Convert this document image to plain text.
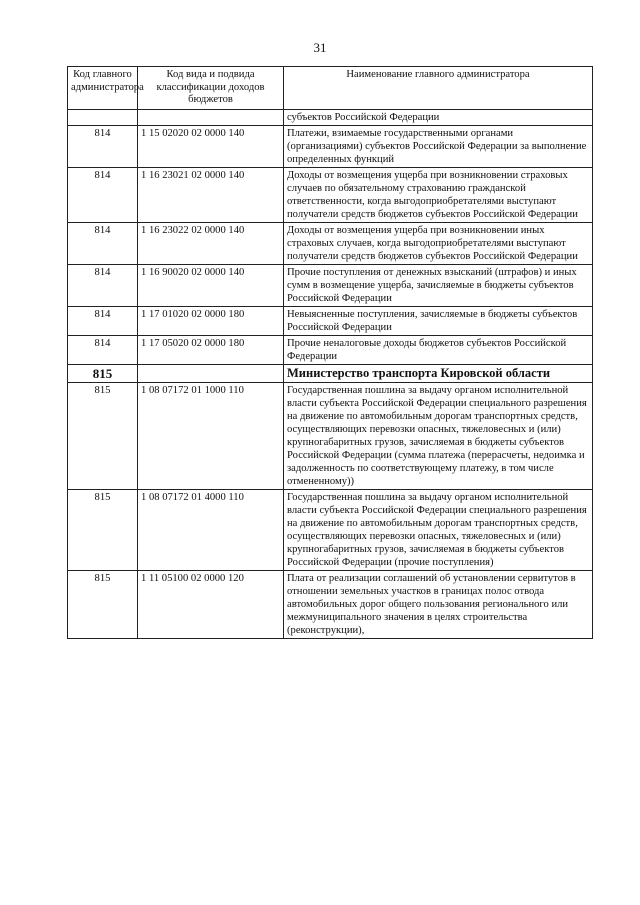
31
Код главного администратора	Код вида и подвида классификации доходов бюджетов	Наименование главного администратора
		субъектов Российской Федерации
814	1 15 02020 02 0000 140	Платежи, взимаемые государственными органами (организациями) субъектов Российской Федерации за выполнение определенных функций
814	1 16 23021 02 0000 140	Доходы от возмещения ущерба при возникновении страховых случаев по обязательному страхованию гражданской ответственности, когда выгодоприобретателями выступают получатели средств бюджетов субъектов Российской Федерации
814	1 16 23022 02 0000 140	Доходы от возмещения ущерба при возникновении иных страховых случаев, когда выгодоприобретателями выступают получатели средств бюджетов субъектов Российской Федерации
814	1 16 90020 02 0000 140	Прочие поступления от денежных взысканий (штрафов) и иных сумм в возмещение ущерба, зачисляемые в бюджеты субъектов Российской Федерации
814	1 17 01020 02 0000 180	Невыясненные поступления, зачисляемые в бюджеты субъектов Российской Федерации
814	1 17 05020 02 0000 180	Прочие неналоговые доходы бюджетов субъектов Российской Федерации
815		Министерство транспорта Кировской области
815	1 08 07172 01 1000 110	Государственная пошлина за выдачу органом исполнительной власти субъекта Российской Федерации специального разрешения на движение по автомобильным дорогам транспортных средств, осуществляющих перевозки опасных, тяжеловесных и (или) крупногабаритных грузов, зачисляемая в бюджеты субъектов Российской Федерации (сумма платежа (перерасчеты, недоимка и задолженность по соответствующему платежу, в том числе отмененному))
815	1 08 07172 01 4000 110	Государственная пошлина за выдачу органом исполнительной власти субъекта Российской Федерации специального разрешения на движение по автомобильным дорогам транспортных средств, осуществляющих перевозки опасных, тяжеловесных и (или) крупногабаритных грузов, зачисляемая в бюджеты субъектов Российской Федерации (прочие поступления)
815	1 11 05100 02 0000 120	Плата от реализации соглашений об установлении сервитутов в отношении земельных участков в границах полос отвода автомобильных дорог общего пользования регионального или межмуниципального значения в целях строительства (реконструкции),
